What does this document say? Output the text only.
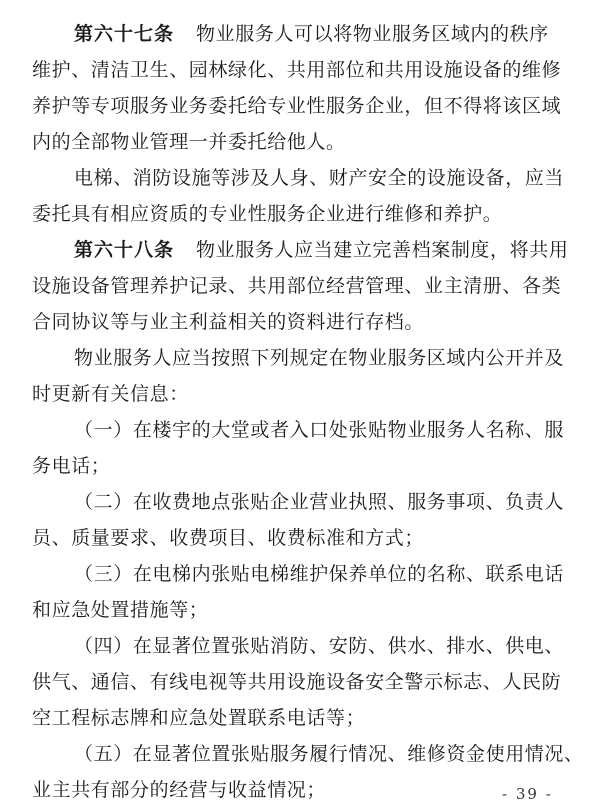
第六十七条 物业服务人可以将物业服务区域内的秩序
维护、清洁卫生、园林绿化、共用部位和共用设施设备的维修
养护等专项服务业务委托给专业性服务企业，但不得将该区域
内的全部物业管理一并委托给他人。
电梯、消防设施等涉及人身、财产安全的设施设备，应当
委托具有相应资质的专业性服务企业进行维修和养护。
第六十八条 物业服务人应当建立完善档案制度，将共用
设施设备管理养护记录、共用部位经营管理、业主清册、各类
合同协议等与业主利益相关的资料进行存档。
物业服务人应当按照下列规定在物业服务区域内公开并及
时更新有关信息：
（一）在楼宇的大堂或者入口处张贴物业服务人名称、服
务电话；
（二）在收费地点张贴企业营业执照、服务事项、负责人
员、质量要求、收费项目、收费标准和方式；
（三）在电梯内张贴电梯维护保养单位的名称、联系电话
和应急处置措施等；
（四）在显著位置张贴消防、安防、供水、排水、供电、
供气、通信、有线电视等共用设施设备安全警示标志、人民防
空工程标志牌和应急处置联系电话等；
（五）在显著位置张贴服务履行情况、维修资金使用情况、
业主共有部分的经营与收益情况；	- 39 -
